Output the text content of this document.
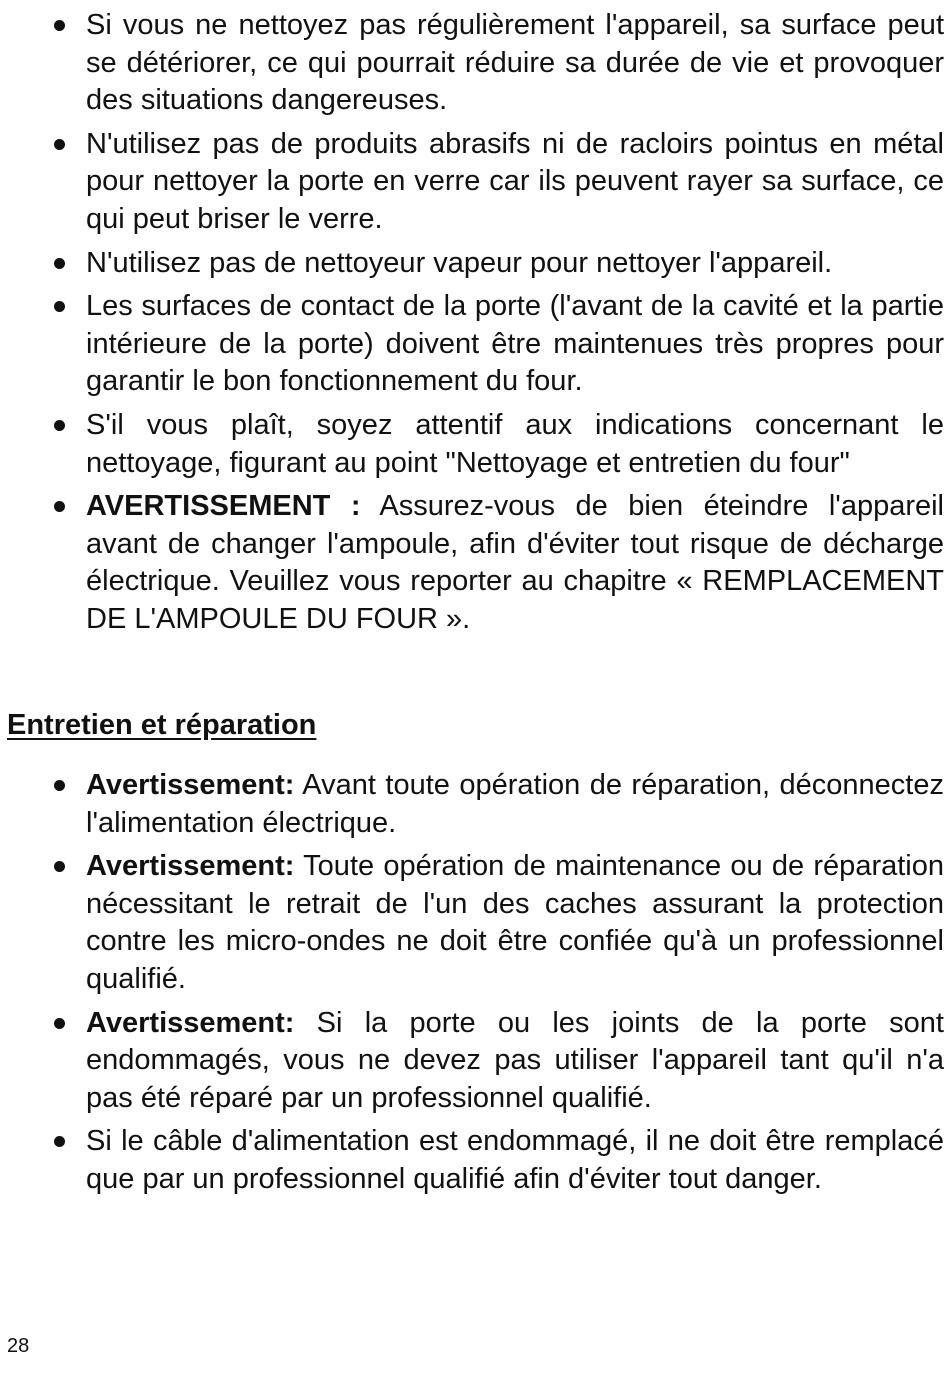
Si vous ne nettoyez pas régulièrement l'appareil, sa surface peut se détériorer, ce qui pourrait réduire sa durée de vie et provoquer des situations dangereuses.
N'utilisez pas de produits abrasifs ni de racloirs pointus en métal pour nettoyer la porte en verre car ils peuvent rayer sa surface, ce qui peut briser le verre.
N'utilisez pas de nettoyeur vapeur pour nettoyer l'appareil.
Les surfaces de contact de la porte (l'avant de la cavité et la partie intérieure de la porte) doivent être maintenues très propres pour garantir le bon fonctionnement du four.
S'il vous plaît, soyez attentif aux indications concernant le nettoyage, figurant au point "Nettoyage et entretien du four"
AVERTISSEMENT : Assurez-vous de bien éteindre l'appareil avant de changer l'ampoule, afin d'éviter tout risque de décharge électrique. Veuillez vous reporter au chapitre « REMPLACEMENT DE L'AMPOULE DU FOUR ».
Entretien et réparation
Avertissement: Avant toute opération de réparation, déconnectez l'alimentation électrique.
Avertissement: Toute opération de maintenance ou de réparation nécessitant le retrait de l'un des caches assurant la protection contre les micro-ondes ne doit être confiée qu'à un professionnel qualifié.
Avertissement: Si la porte ou les joints de la porte sont endommagés, vous ne devez pas utiliser l'appareil tant qu'il n'a pas été réparé par un professionnel qualifié.
Si le câble d'alimentation est endommagé, il ne doit être remplacé que par un professionnel qualifié afin d'éviter tout danger.
28
